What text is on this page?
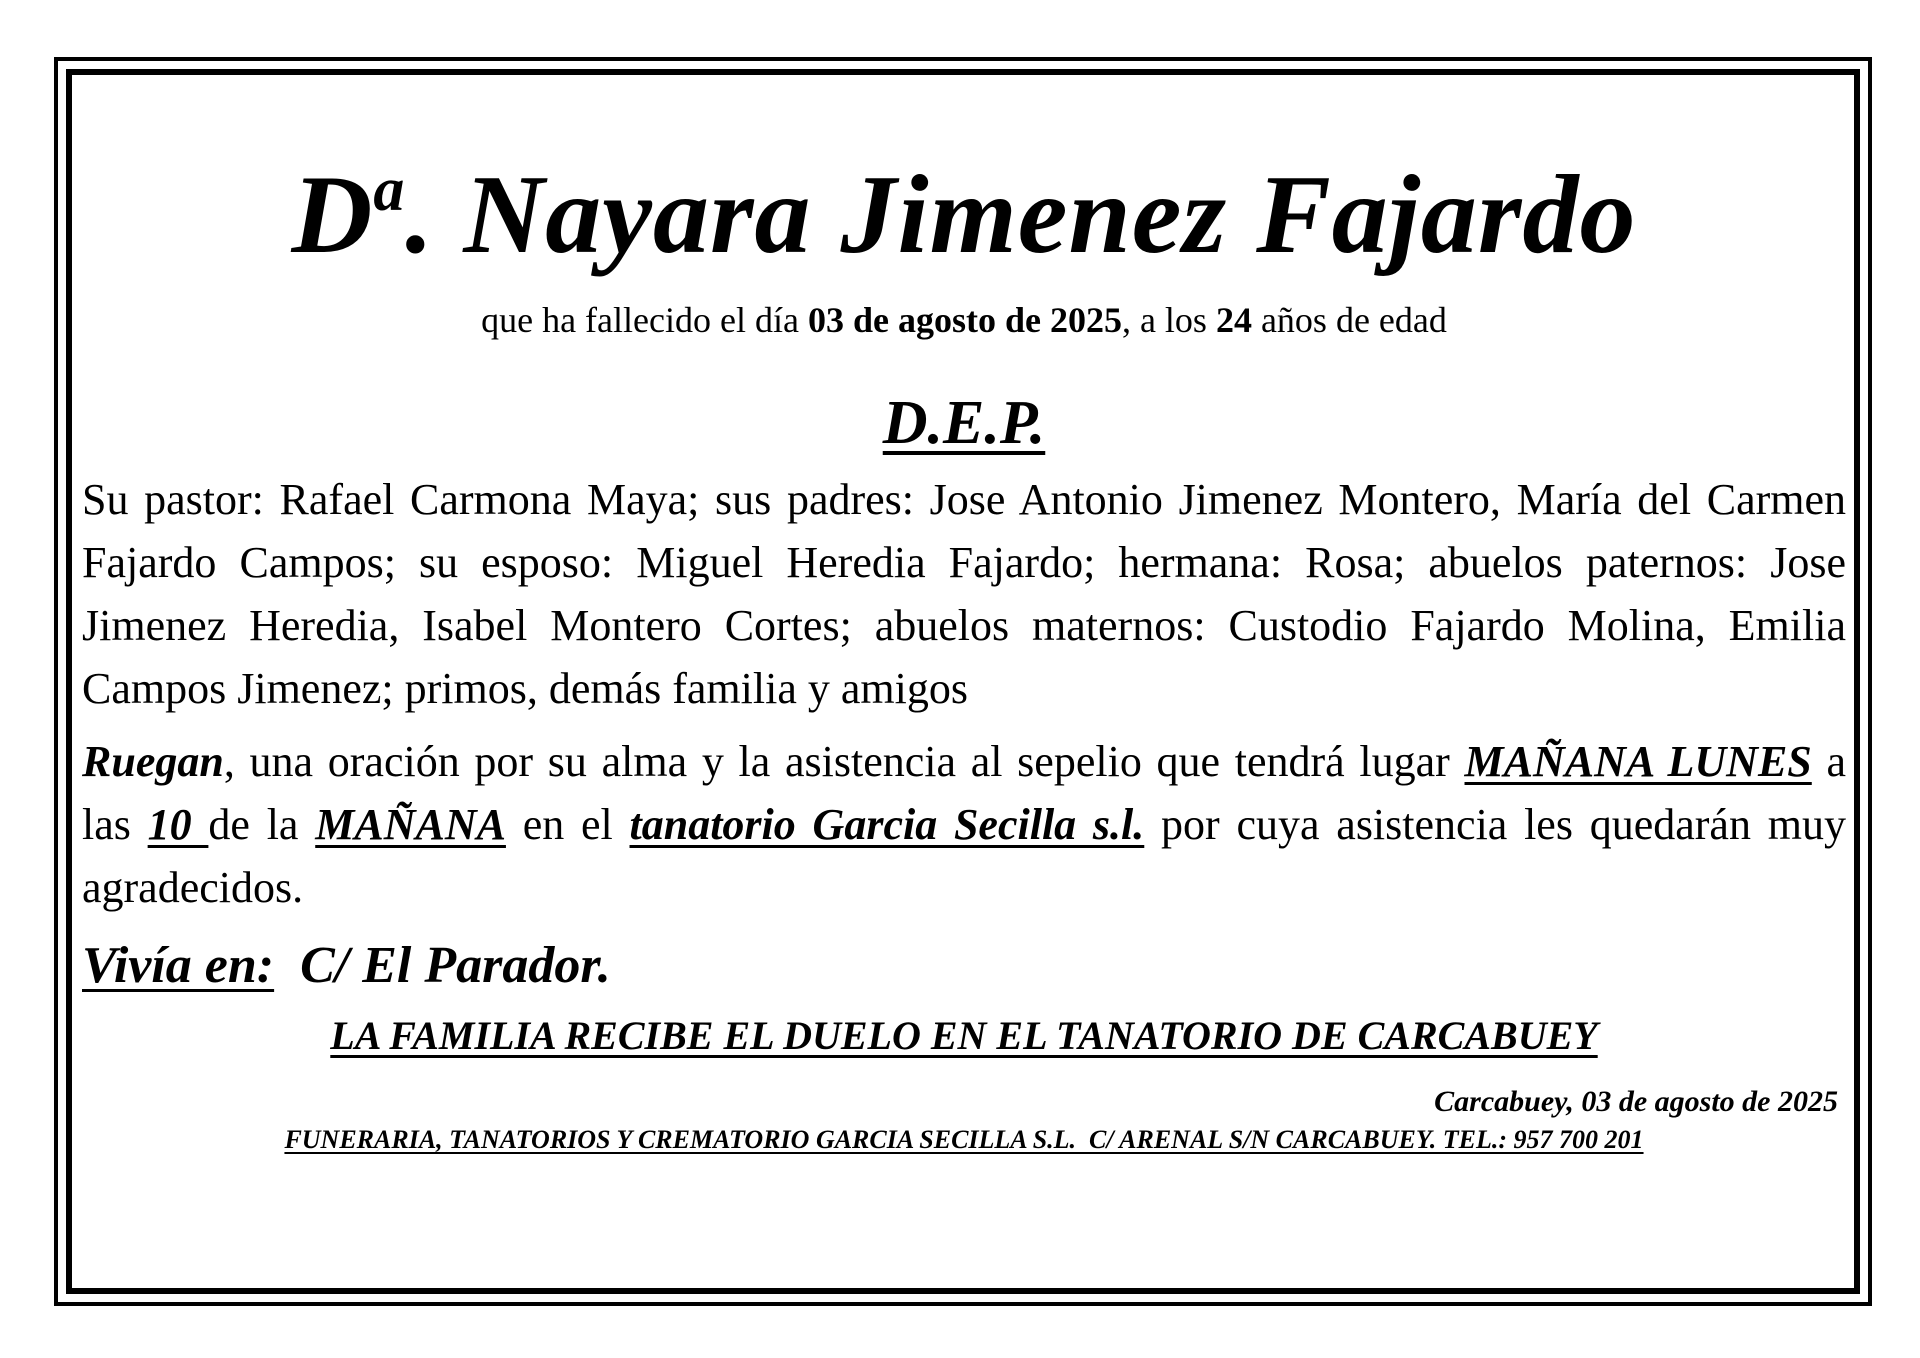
$D^a$. Nayara Jimenez Fajardo
que ha fallecido el día 03 de agosto de 2025, a los 24 años de edad
D.E.P.

Su pastor: Rafael Carmona Maya; sus padres: Jose Antonio Jimenez Montero, María del Carmen Fajardo Campos; su esposo: Miguel Heredia Fajardo; hermana: Rosa; abuelos paternos: Jose Jimenez Heredia, Isabel Montero Cortes; abuelos maternos: Custodio Fajardo Molina, Emilia Campos Jimenez; primos, demás familia y amigos

Ruegan, una oración por su alma y la asistencia al sepelio que tendrá lugar MAÑANA LUNES a las 10 de la MAÑANA en el tanatorio Garcia Secilla s.l. por cuya asistencia les quedarán muy agradecidos.

Vivía en: C/ El Parador.
LA FAMILIA RECIBE EL DUELO EN EL TANATORIO DE CARCABUEY
Carcabuey, 03 de agosto de 2025
FUNERARIA, TANATORIOS Y CREMATORIO GARCIA SECILLA S.L.  C/ ARENAL S/N CARCABUEY. TEL.: 957 700 201
